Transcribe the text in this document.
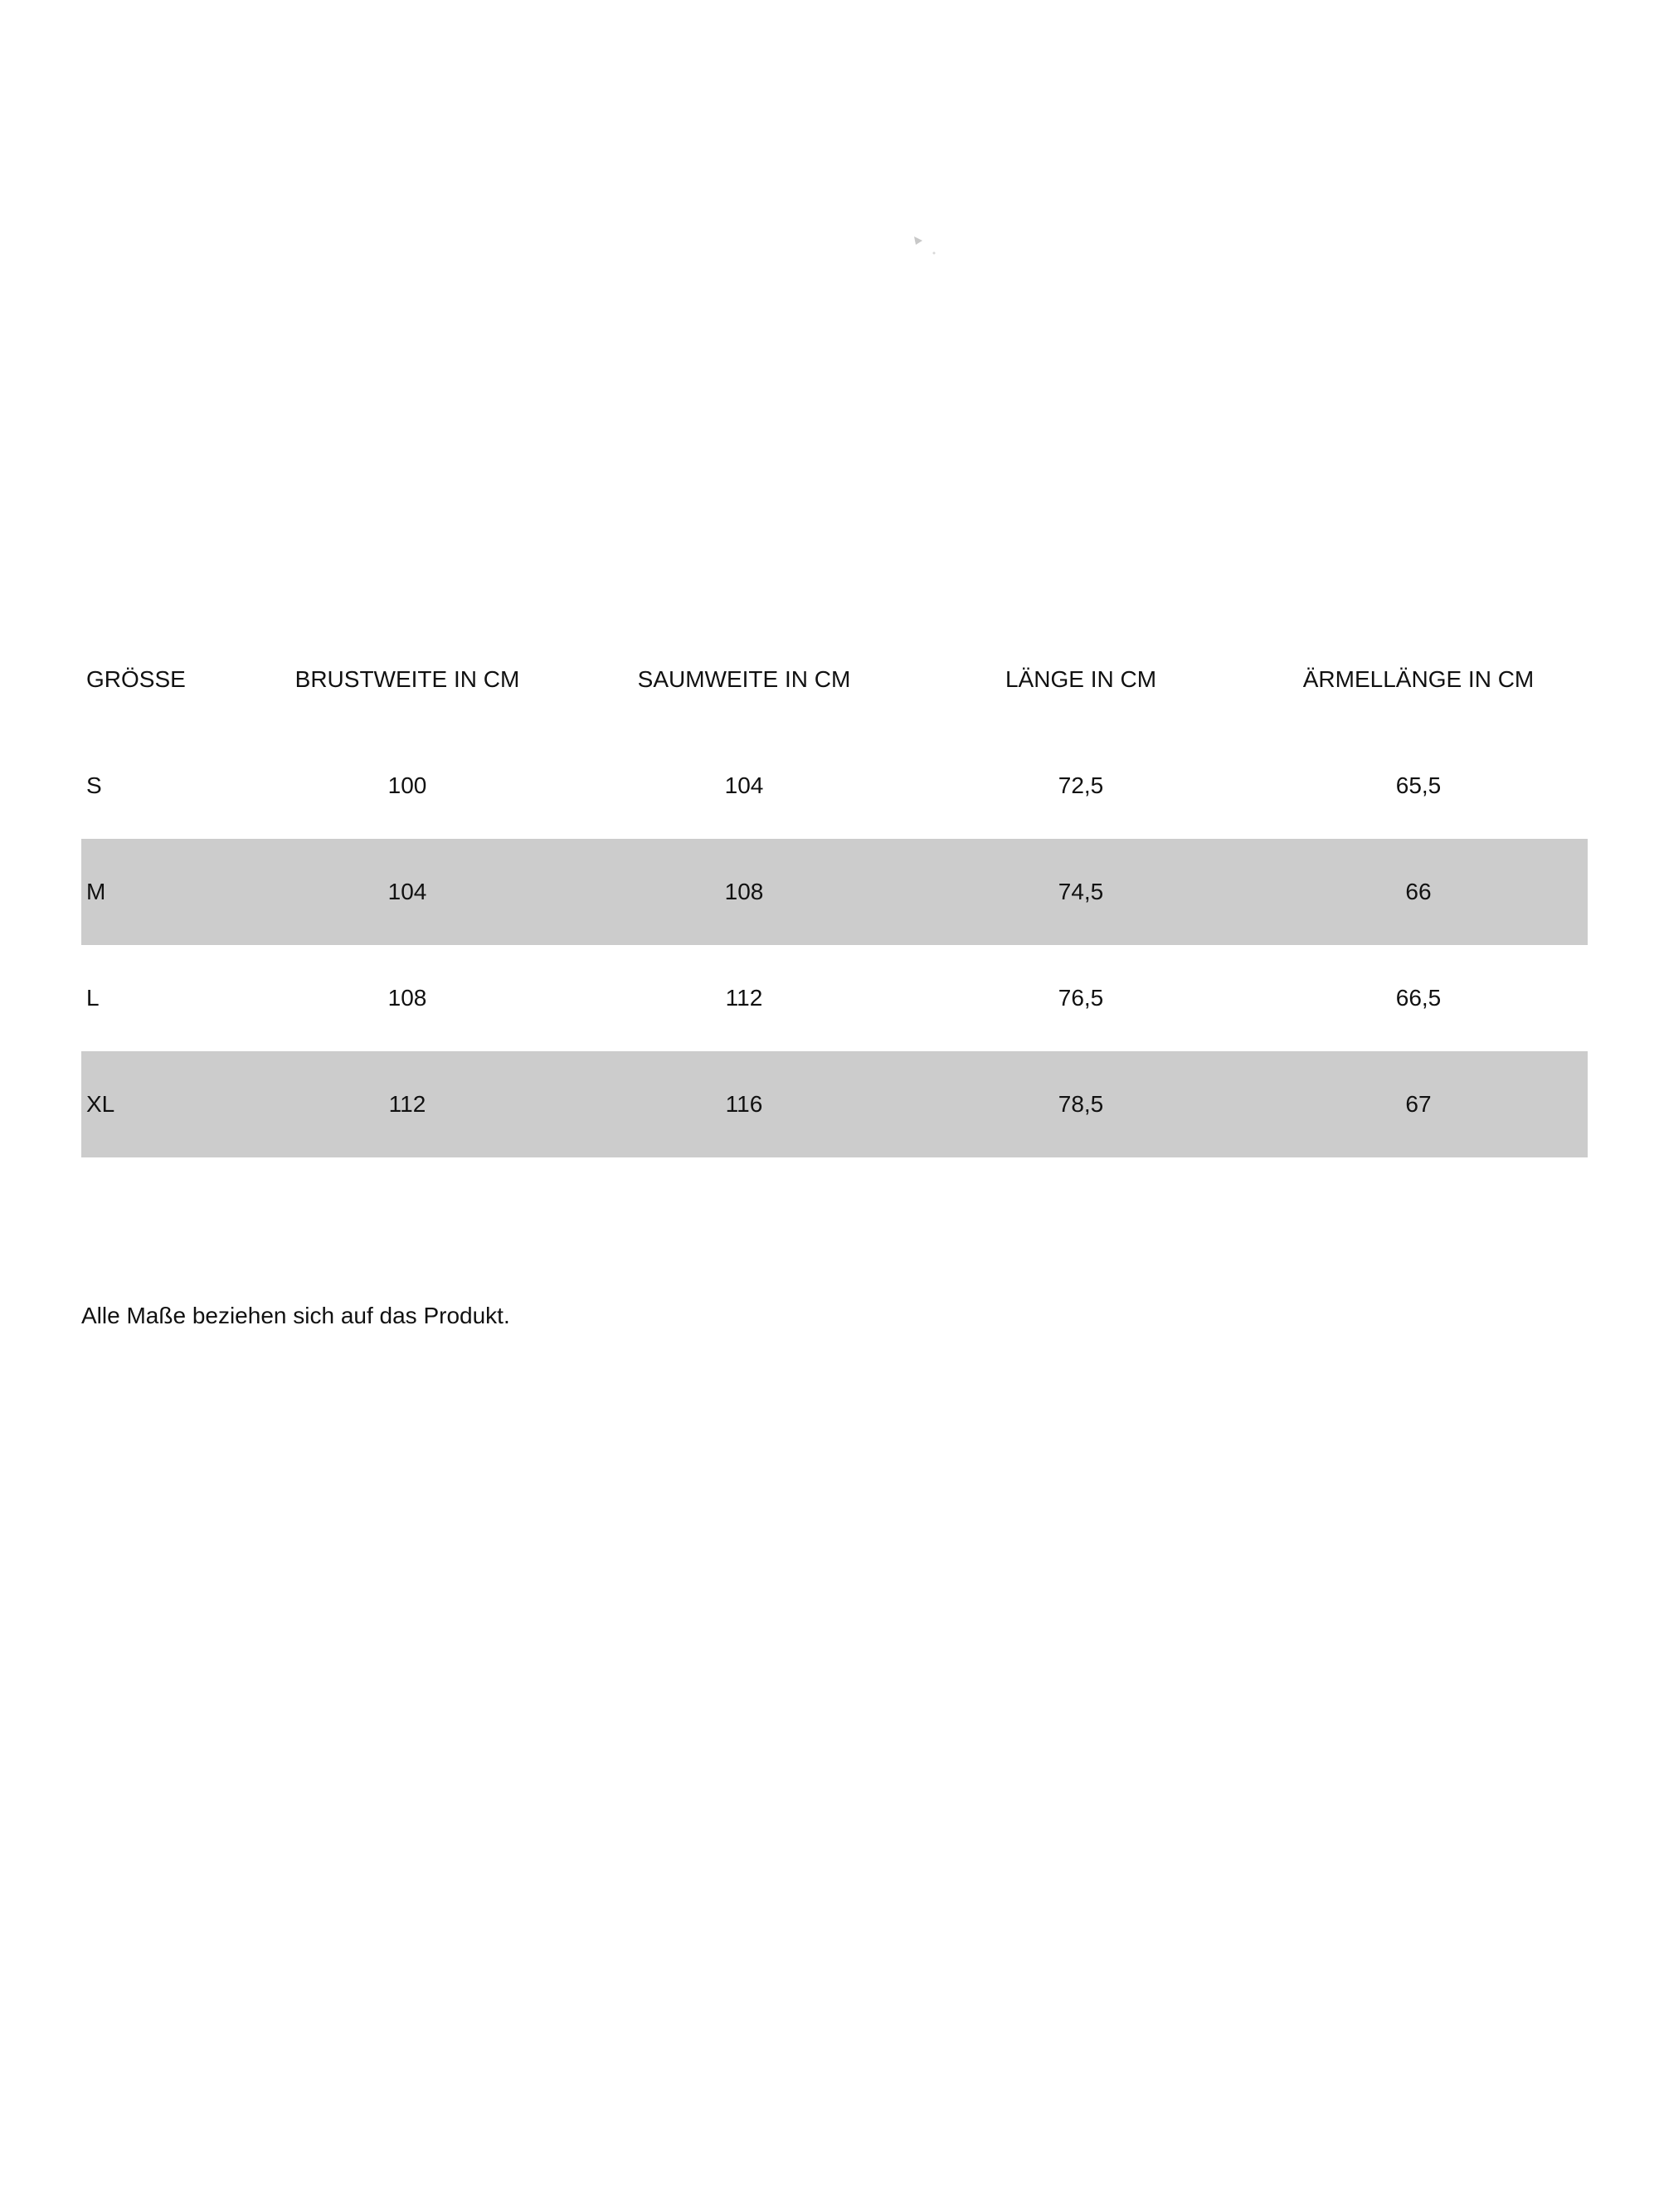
GRÖSSE	BRUSTWEITE IN CM	SAUMWEITE IN CM	LÄNGE IN CM	ÄRMELLÄNGE IN CM
S	100	104	72,5	65,5
M	104	108	74,5	66
L	108	112	76,5	66,5
XL	112	116	78,5	67

Alle Maße beziehen sich auf das Produkt.
